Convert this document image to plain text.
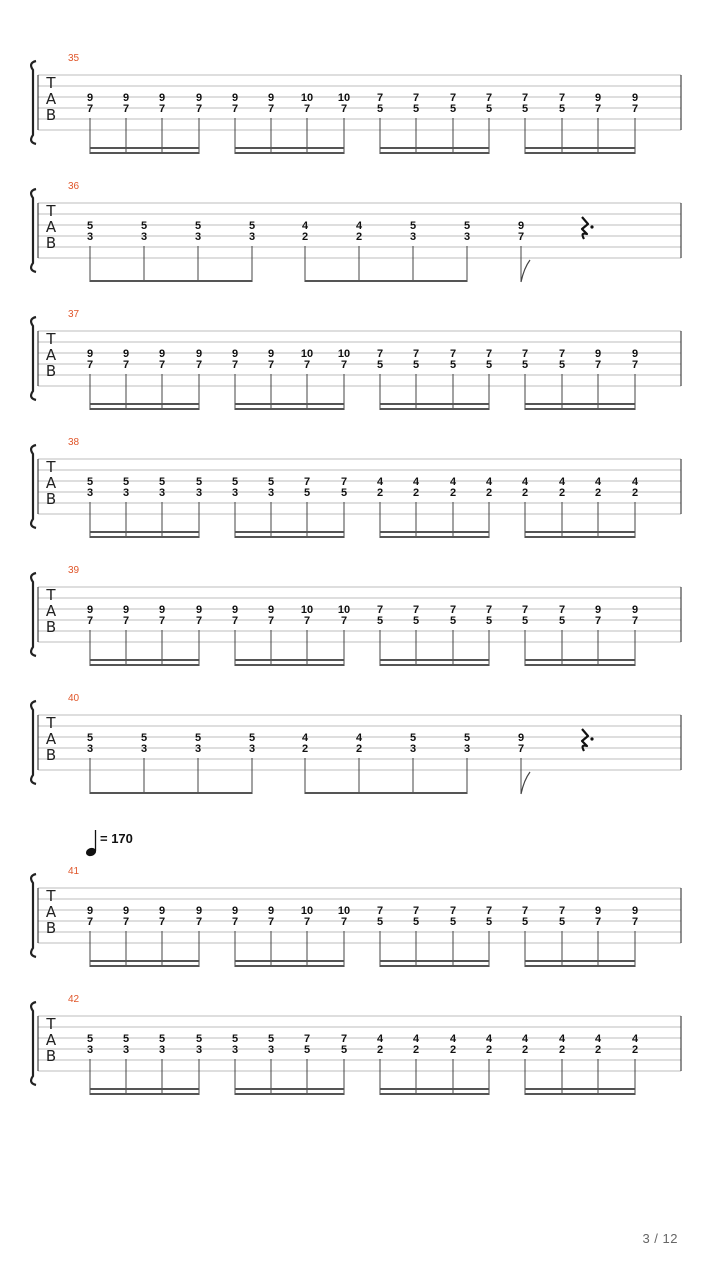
35
T
A
B
9
7
9
7
9
7
9
7
9
7
9
7
10
7
10
7
7
5
7
5
7
5
7
5
7
5
7
5
9
7
9
7
36
T
A
B
5
3
5
3
5
3
5
3
4
2
4
2
5
3
5
3
9
7
37
T
A
B
9
7
9
7
9
7
9
7
9
7
9
7
10
7
10
7
7
5
7
5
7
5
7
5
7
5
7
5
9
7
9
7
38
T
A
B
5
3
5
3
5
3
5
3
5
3
5
3
7
5
7
5
4
2
4
2
4
2
4
2
4
2
4
2
4
2
4
2
39
T
A
B
9
7
9
7
9
7
9
7
9
7
9
7
10
7
10
7
7
5
7
5
7
5
7
5
7
5
7
5
9
7
9
7
40
T
A
B
5
3
5
3
5
3
5
3
4
2
4
2
5
3
5
3
9
7
41
T
A
B
9
7
9
7
9
7
9
7
9
7
9
7
10
7
10
7
7
5
7
5
7
5
7
5
7
5
7
5
9
7
9
7
42
T
A
B
5
3
5
3
5
3
5
3
5
3
5
3
7
5
7
5
4
2
4
2
4
2
4
2
4
2
4
2
4
2
4
2
= 170
3 / 12
